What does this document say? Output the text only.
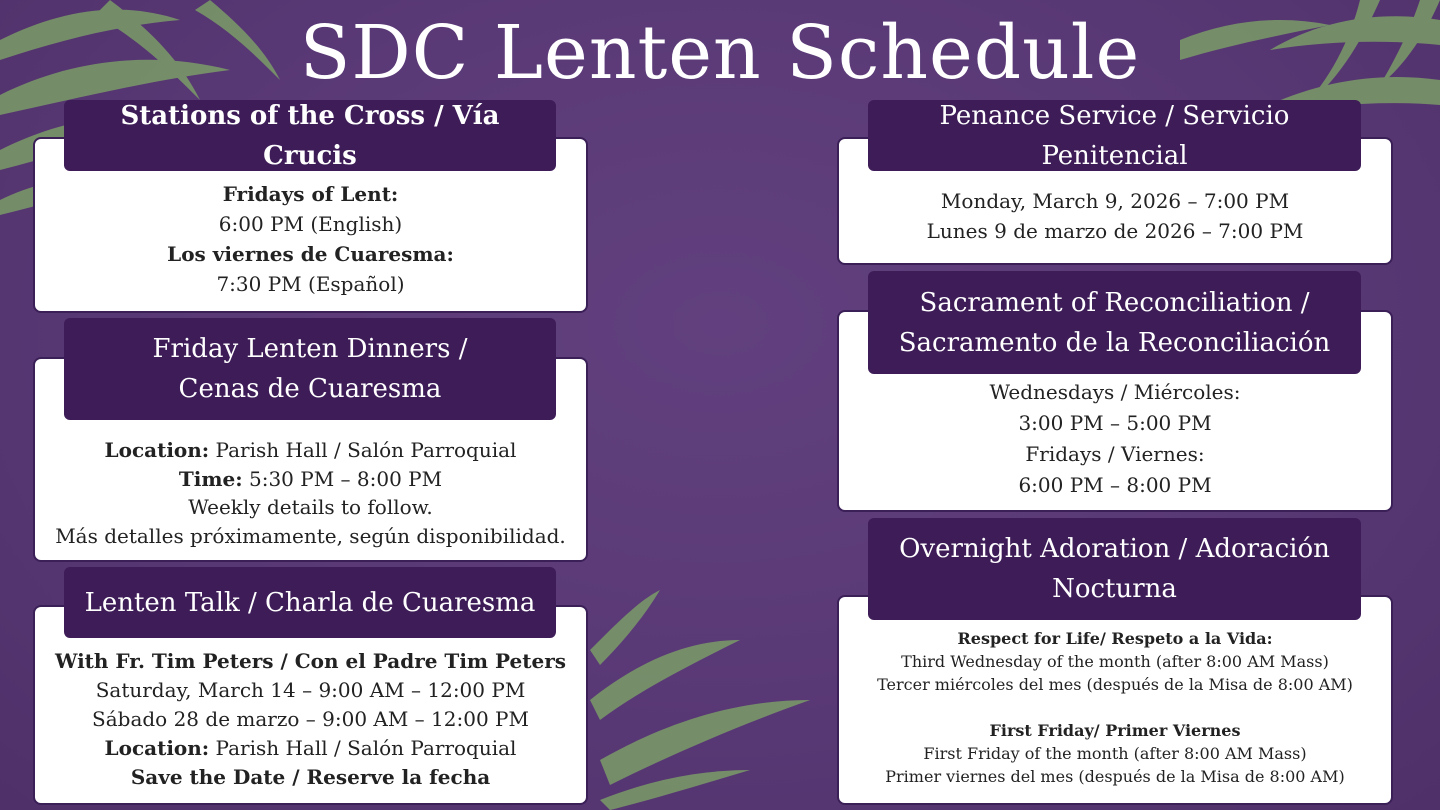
SDC Lenten Schedule
Stations of the Cross / Vía Crucis
Fridays of Lent:
6:00 PM (English)
Los viernes de Cuaresma:
7:30 PM (Español)
Friday Lenten Dinners /
Cenas de Cuaresma
Location: Parish Hall / Salón Parroquial
Time: 5:30 PM – 8:00 PM
Weekly details to follow.
Más detalles próximamente, según disponibilidad.
Lenten Talk / Charla de Cuaresma
With Fr. Tim Peters / Con el Padre Tim Peters
Saturday, March 14 – 9:00 AM – 12:00 PM
Sábado 28 de marzo – 9:00 AM – 12:00 PM
Location: Parish Hall / Salón Parroquial
Save the Date / Reserve la fecha
Penance Service / Servicio Penitencial
Monday, March 9, 2026 – 7:00 PM
Lunes 9 de marzo de 2026 – 7:00 PM
Sacrament of Reconciliation /
Sacramento de la Reconciliación
Wednesdays / Miércoles:
3:00 PM – 5:00 PM
Fridays / Viernes:
6:00 PM – 8:00 PM
Overnight Adoration / Adoración
Nocturna
Respect for Life/ Respeto a la Vida:
Third Wednesday of the month (after 8:00 AM Mass)
Tercer miércoles del mes (después de la Misa de 8:00 AM)

First Friday/ Primer Viernes
First Friday of the month (after 8:00 AM Mass)
Primer viernes del mes (después de la Misa de 8:00 AM)
